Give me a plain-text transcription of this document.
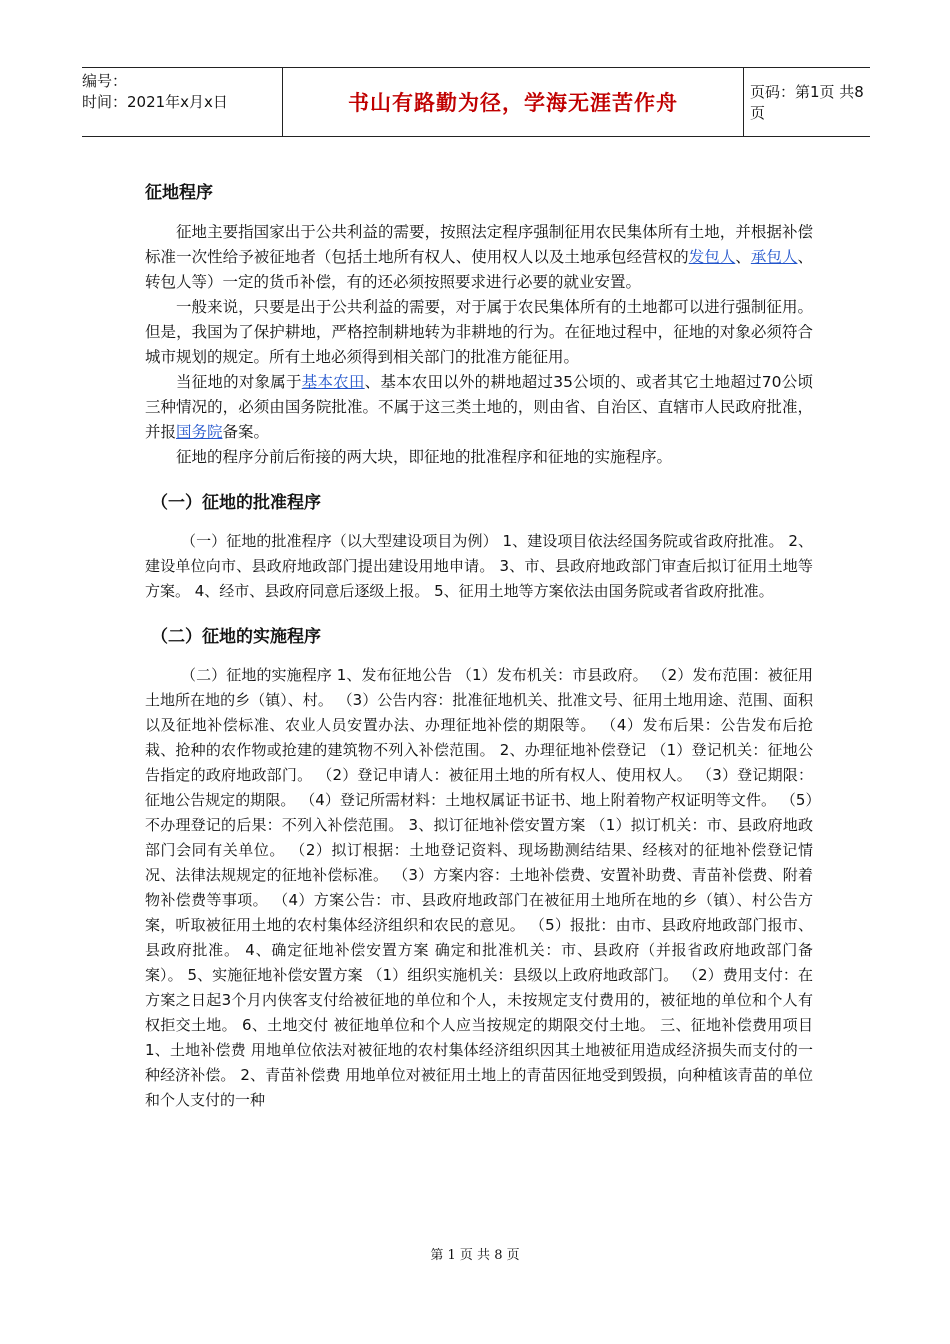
编号：
时间：2021年x月x日	书山有路勤为径，学海无涯苦作舟	页码：第1页 共8页
征地程序

征地主要指国家出于公共利益的需要，按照法定程序强制征用农民集体所有土地，并根据补偿标准一次性给予被征地者（包括土地所有权人、使用权人以及土地承包经营权的发包人、承包人、转包人等）一定的货币补偿，有的还必须按照要求进行必要的就业安置。

一般来说，只要是出于公共利益的需要，对于属于农民集体所有的土地都可以进行强制征用。但是，我国为了保护耕地，严格控制耕地转为非耕地的行为。在征地过程中，征地的对象必须符合城市规划的规定。所有土地必须得到相关部门的批准方能征用。

当征地的对象属于基本农田、基本农田以外的耕地超过35公顷的、或者其它土地超过70公顷三种情况的，必须由国务院批准。不属于这三类土地的，则由省、自治区、直辖市人民政府批准，并报国务院备案。

征地的程序分前后衔接的两大块，即征地的批准程序和征地的实施程序。

（一）征地的批准程序

（一）征地的批准程序（以大型建设项目为例） 1、建设项目依法经国务院或省政府批准。 2、建设单位向市、县政府地政部门提出建设用地申请。 3、市、县政府地政部门审查后拟订征用土地等方案。 4、经市、县政府同意后逐级上报。 5、征用土地等方案依法由国务院或者省政府批准。

（二）征地的实施程序

（二）征地的实施程序 1、发布征地公告 （1）发布机关：市县政府。 （2）发布范围：被征用土地所在地的乡（镇）、村。 （3）公告内容：批准征地机关、批准文号、征用土地用途、范围、面积以及征地补偿标准、农业人员安置办法、办理征地补偿的期限等。 （4）发布后果：公告发布后抢栽、抢种的农作物或抢建的建筑物不列入补偿范围。 2、办理征地补偿登记 （1）登记机关：征地公告指定的政府地政部门。 （2）登记申请人：被征用土地的所有权人、使用权人。 （3）登记期限：征地公告规定的期限。 （4）登记所需材料：土地权属证书证书、地上附着物产权证明等文件。 （5）不办理登记的后果：不列入补偿范围。 3、拟订征地补偿安置方案 （1）拟订机关：市、县政府地政部门会同有关单位。 （2）拟订根据：土地登记资料、现场勘测结结果、经核对的征地补偿登记情况、法律法规规定的征地补偿标准。 （3）方案内容：土地补偿费、安置补助费、青苗补偿费、附着物补偿费等事项。 （4）方案公告：市、县政府地政部门在被征用土地所在地的乡（镇）、村公告方案，听取被征用土地的农村集体经济组织和农民的意见。 （5）报批：由市、县政府地政部门报市、县政府批准。 4、确定征地补偿安置方案 确定和批准机关：市、县政府（并报省政府地政部门备案）。 5、实施征地补偿安置方案 （1）组织实施机关：县级以上政府地政部门。 （2）费用支付：在方案之日起3个月内侠客支付给被征地的单位和个人，未按规定支付费用的，被征地的单位和个人有权拒交土地。 6、土地交付 被征地单位和个人应当按规定的期限交付土地。 三、征地补偿费用项目 1、土地补偿费 用地单位依法对被征地的农村集体经济组织因其土地被征用造成经济损失而支付的一种经济补偿。 2、青苗补偿费 用地单位对被征用土地上的青苗因征地受到毁损，向种植该青苗的单位和个人支付的一种

第 1 页 共 8 页
